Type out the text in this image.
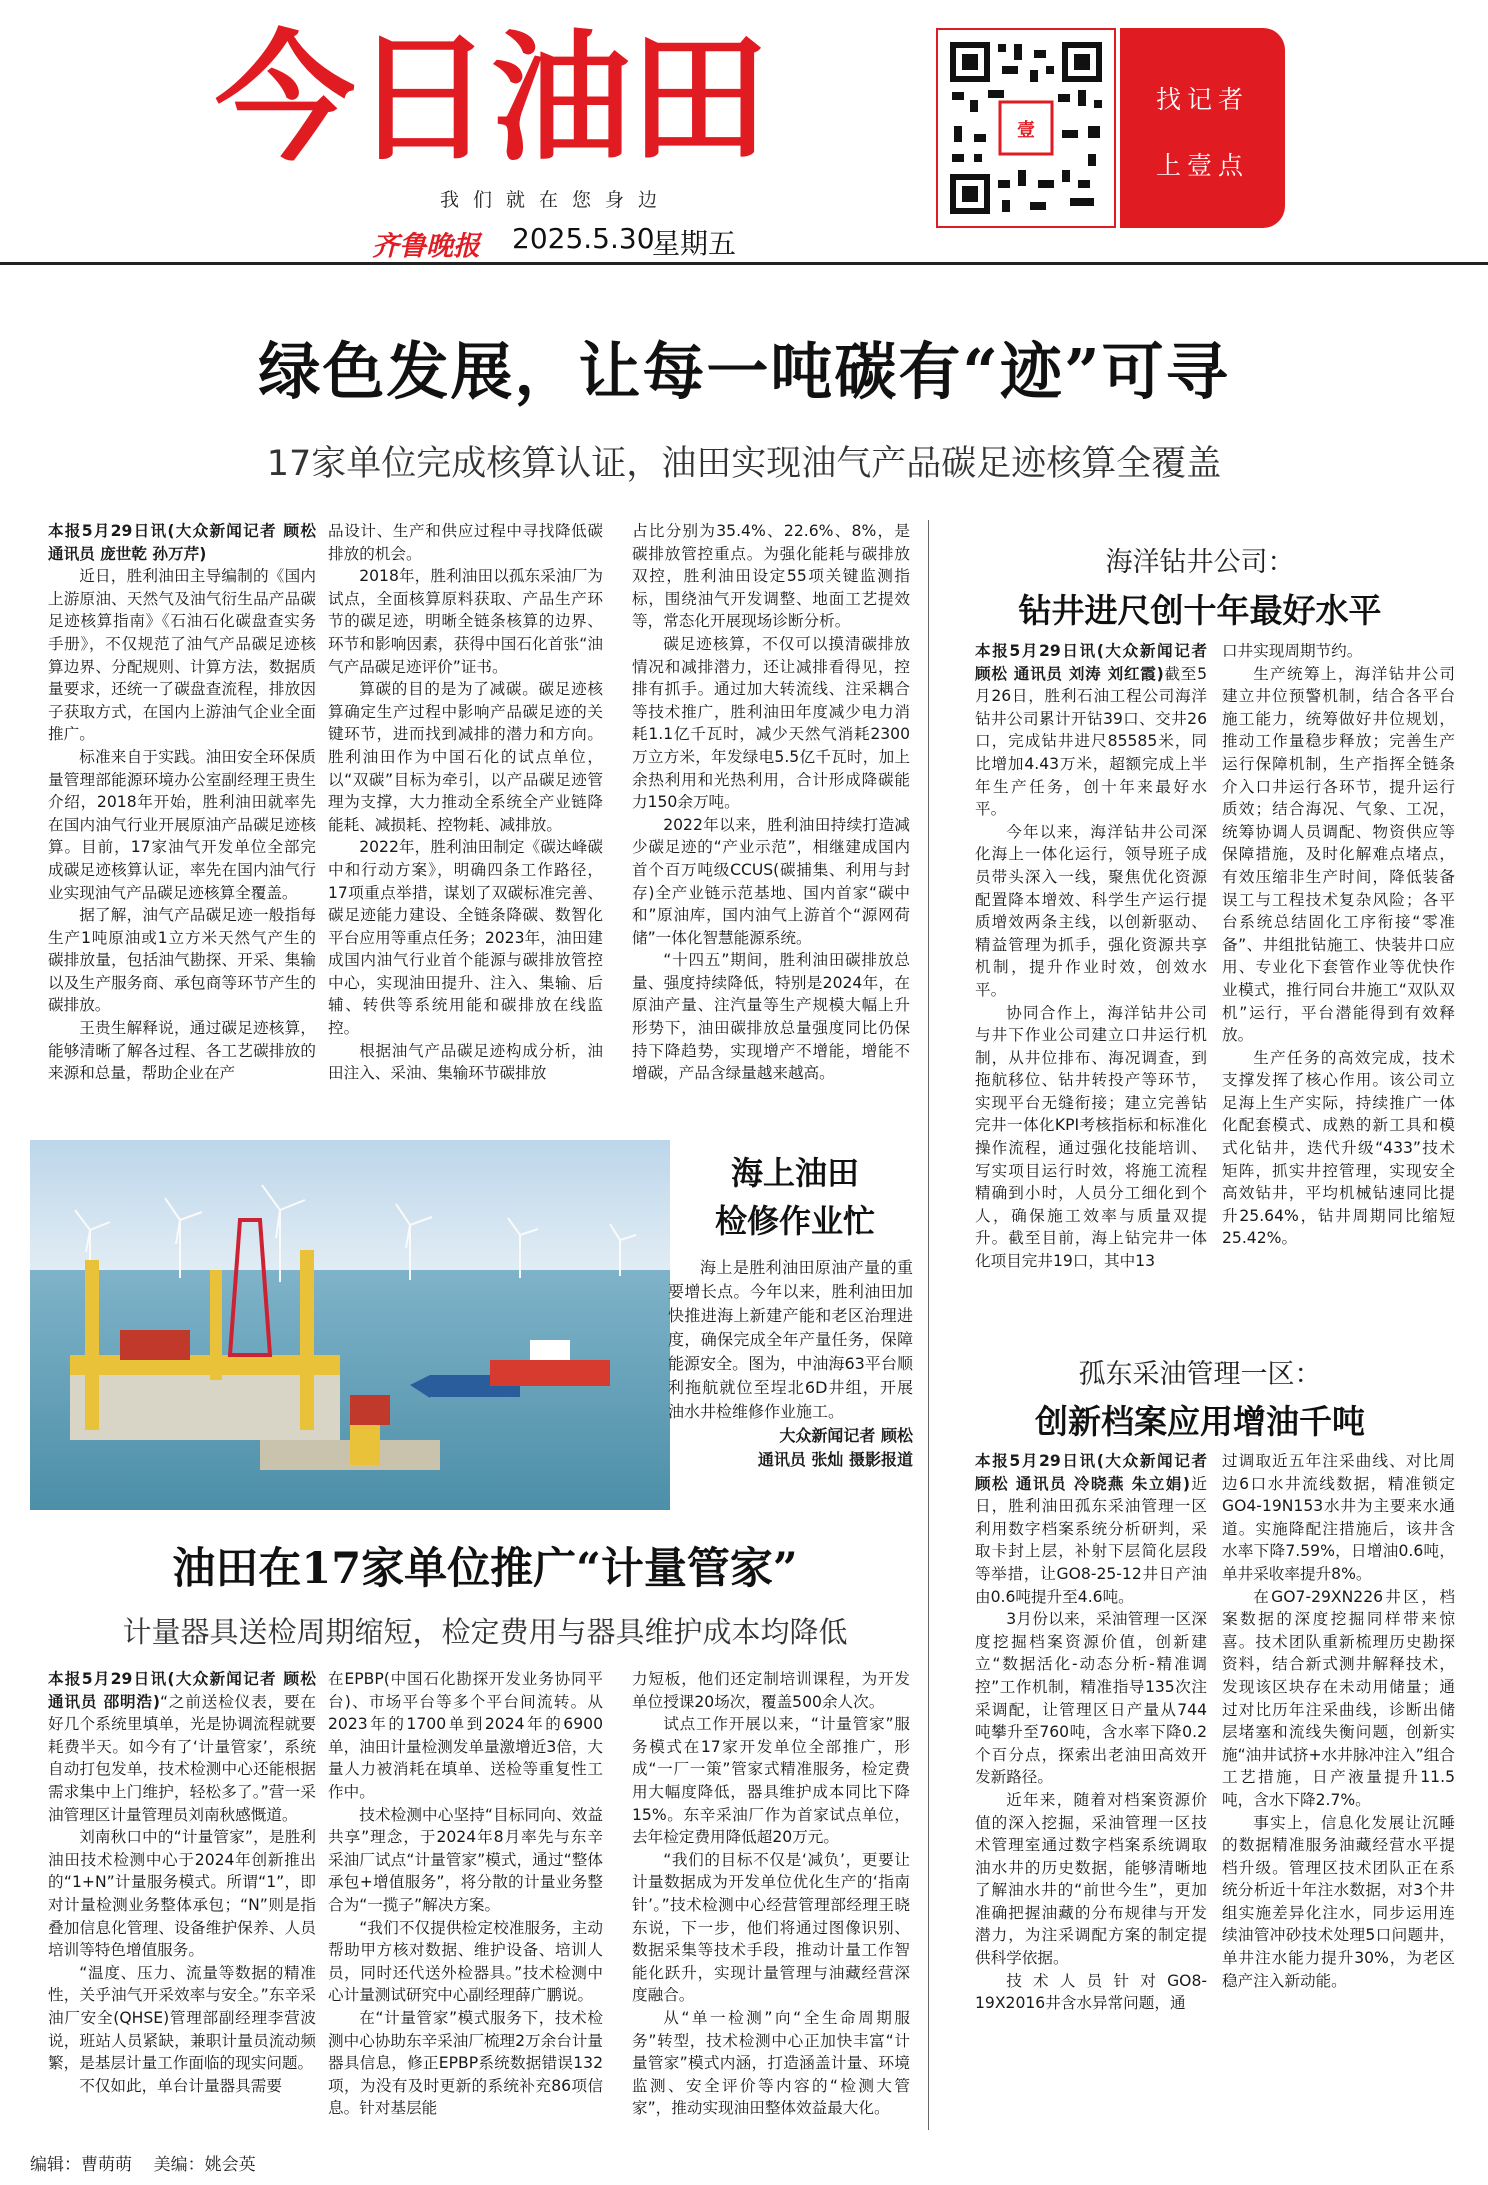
今日油田
我们就在您身边
齐鲁晚报 2025.5.30
星期五
壹
找记者
上壹点
绿色发展，让每一吨碳有“迹”可寻
17家单位完成核算认证，油田实现油气产品碳足迹核算全覆盖

本报5月29日讯(大众新闻记者 顾松 通讯员 庞世乾 孙万芹)

近日，胜利油田主导编制的《国内上游原油、天然气及油气衍生品产品碳足迹核算指南》《石油石化碳盘查实务手册》，不仅规范了油气产品碳足迹核算边界、分配规则、计算方法，数据质量要求，还统一了碳盘查流程，排放因子获取方式，在国内上游油气企业全面推广。

标准来自于实践。油田安全环保质量管理部能源环境办公室副经理王贵生介绍，2018年开始，胜利油田就率先在国内油气行业开展原油产品碳足迹核算。目前，17家油气开发单位全部完成碳足迹核算认证，率先在国内油气行业实现油气产品碳足迹核算全覆盖。

据了解，油气产品碳足迹一般指每生产1吨原油或1立方米天然气产生的碳排放量，包括油气勘探、开采、集输以及生产服务商、承包商等环节产生的碳排放。

王贵生解释说，通过碳足迹核算，能够清晰了解各过程、各工艺碳排放的来源和总量，帮助企业在产

品设计、生产和供应过程中寻找降低碳排放的机会。

2018年，胜利油田以孤东采油厂为试点，全面核算原料获取、产品生产环节的碳足迹，明晰全链条核算的边界、环节和影响因素，获得中国石化首张“油气产品碳足迹评价”证书。

算碳的目的是为了减碳。碳足迹核算确定生产过程中影响产品碳足迹的关键环节，进而找到减排的潜力和方向。胜利油田作为中国石化的试点单位，以“双碳”目标为牵引，以产品碳足迹管理为支撑，大力推动全系统全产业链降能耗、减损耗、控物耗、减排放。

2022年，胜利油田制定《碳达峰碳中和行动方案》，明确四条工作路径，17项重点举措，谋划了双碳标准完善、碳足迹能力建设、全链条降碳、数智化平台应用等重点任务；2023年，油田建成国内油气行业首个能源与碳排放管控中心，实现油田提升、注入、集输、后辅、转供等系统用能和碳排放在线监控。

根据油气产品碳足迹构成分析，油田注入、采油、集输环节碳排放

占比分别为35.4%、22.6%、8%，是碳排放管控重点。为强化能耗与碳排放双控，胜利油田设定55项关键监测指标，围绕油气开发调整、地面工艺提效等，常态化开展现场诊断分析。

碳足迹核算，不仅可以摸清碳排放情况和减排潜力，还让减排看得见，控排有抓手。通过加大转流线、注采耦合等技术推广，胜利油田年度减少电力消耗1.1亿千瓦时，减少天然气消耗2300万立方米，年发绿电5.5亿千瓦时，加上余热利用和光热利用，合计形成降碳能力150余万吨。

2022年以来，胜利油田持续打造减少碳足迹的“产业示范”，相继建成国内首个百万吨级CCUS(碳捕集、利用与封存)全产业链示范基地、国内首家“碳中和”原油库，国内油气上游首个“源网荷储”一体化智慧能源系统。

“十四五”期间，胜利油田碳排放总量、强度持续降低，特别是2024年，在原油产量、注汽量等生产规模大幅上升形势下，油田碳排放总量强度同比仍保持下降趋势，实现增产不增能，增能不增碳，产品含绿量越来越高。

海洋钻井公司：
钻井进尺创十年最好水平

本报5月29日讯(大众新闻记者 顾松 通讯员 刘涛 刘红霞)截至5月26日，胜利石油工程公司海洋钻井公司累计开钻39口、交井26口，完成钻井进尺85585米，同比增加4.43万米，超额完成上半年生产任务，创十年来最好水平。

今年以来，海洋钻井公司深化海上一体化运行，领导班子成员带头深入一线，聚焦优化资源配置降本增效、科学生产运行提质增效两条主线，以创新驱动、精益管理为抓手，强化资源共享机制，提升作业时效，创效水平。

协同合作上，海洋钻井公司与井下作业公司建立口井运行机制，从井位排布、海况调查，到拖航移位、钻井转投产等环节，实现平台无缝衔接；建立完善钻完井一体化KPI考核指标和标准化操作流程，通过强化技能培训、写实项目运行时效，将施工流程精确到小时，人员分工细化到个人，确保施工效率与质量双提升。截至目前，海上钻完井一体化项目完井19口，其中13

口井实现周期节约。

生产统筹上，海洋钻井公司建立井位预警机制，结合各平台施工能力，统筹做好井位规划，推动工作量稳步释放；完善生产运行保障机制，生产指挥全链条介入口井运行各环节，提升运行质效；结合海况、气象、工况，统筹协调人员调配、物资供应等保障措施，及时化解难点堵点，有效压缩非生产时间，降低装备误工与工程技术复杂风险；各平台系统总结固化工序衔接“零准备”、井组批钻施工、快装井口应用、专业化下套管作业等优快作业模式，推行同台井施工“双队双机”运行，平台潜能得到有效释放。

生产任务的高效完成，技术支撑发挥了核心作用。该公司立足海上生产实际，持续推广一体化配套模式、成熟的新工具和模式化钻井，迭代升级“433”技术矩阵，抓实井控管理，实现安全高效钻井，平均机械钻速同比提升25.64%，钻井周期同比缩短25.42%。

海上油田
检修作业忙

海上是胜利油田原油产量的重要增长点。今年以来，胜利油田加快推进海上新建产能和老区治理进度，确保完成全年产量任务，保障能源安全。图为，中油海63平台顺利拖航就位至埕北6D井组，开展油水井检维修作业施工。

大众新闻记者 顾松

通讯员 张灿 摄影报道

孤东采油管理一区：
创新档案应用增油千吨

本报5月29日讯(大众新闻记者 顾松 通讯员 冷晓燕 朱立娟)近日，胜利油田孤东采油管理一区利用数字档案系统分析研判，采取卡封上层，补射下层简化层段等举措，让GO8-25-12井日产油由0.6吨提升至4.6吨。

3月份以来，采油管理一区深度挖掘档案资源价值，创新建立“数据活化-动态分析-精准调控”工作机制，精准指导135次注采调配，让管理区日产量从744吨攀升至760吨，含水率下降0.2个百分点，探索出老油田高效开发新路径。

近年来，随着对档案资源价值的深入挖掘，采油管理一区技术管理室通过数字档案系统调取油水井的历史数据，能够清晰地了解油水井的“前世今生”，更加准确把握油藏的分布规律与开发潜力，为注采调配方案的制定提供科学依据。

技术人员针对GO8-19X2016井含水异常问题，通

过调取近五年注采曲线、对比周边6口水井流线数据，精准锁定GO4-19N153水井为主要来水通道。实施降配注措施后，该井含水率下降7.59%，日增油0.6吨，单井采收率提升8%。

在GO7-29XN226井区，档案数据的深度挖掘同样带来惊喜。技术团队重新梳理历史勘探资料，结合新式测井解释技术，发现该区块存在未动用储量；通过对比历年注采曲线，诊断出储层堵塞和流线失衡问题，创新实施“油井试挤+水井脉冲注入”组合工艺措施，日产液量提升11.5吨，含水下降2.7%。

事实上，信息化发展让沉睡的数据精准服务油藏经营水平提档升级。管理区技术团队正在系统分析近十年注水数据，对3个井组实施差异化注水，同步运用连续油管冲砂技术处理5口问题井，单井注水能力提升30%，为老区稳产注入新动能。

油田在17家单位推广“计量管家”
计量器具送检周期缩短，检定费用与器具维护成本均降低

本报5月29日讯(大众新闻记者 顾松 通讯员 邵明浩)“之前送检仪表，要在好几个系统里填单，光是协调流程就要耗费半天。如今有了‘计量管家’，系统自动打包发单，技术检测中心还能根据需求集中上门维护，轻松多了。”营一采油管理区计量管理员刘南秋感慨道。

刘南秋口中的“计量管家”，是胜利油田技术检测中心于2024年创新推出的“1+N”计量服务模式。所谓“1”，即对计量检测业务整体承包；“N”则是指叠加信息化管理、设备维护保养、人员培训等特色增值服务。

“温度、压力、流量等数据的精准性，关乎油气开采效率与安全。”东辛采油厂安全(QHSE)管理部副经理李营波说，班站人员紧缺，兼职计量员流动频繁，是基层计量工作面临的现实问题。

不仅如此，单台计量器具需要

在EPBP(中国石化勘探开发业务协同平台)、市场平台等多个平台间流转。从2023年的1700单到2024年的6900单，油田计量检测发单量激增近3倍，大量人力被消耗在填单、送检等重复性工作中。

技术检测中心坚持“目标同向、效益共享”理念，于2024年8月率先与东辛采油厂试点“计量管家”模式，通过“整体承包+增值服务”，将分散的计量业务整合为“一揽子”解决方案。

“我们不仅提供检定校准服务，主动帮助甲方核对数据、维护设备、培训人员，同时还代送外检器具。”技术检测中心计量测试研究中心副经理薛广鹏说。

在“计量管家”模式服务下，技术检测中心协助东辛采油厂梳理2万余台计量器具信息，修正EPBP系统数据错误132项，为没有及时更新的系统补充86项信息。针对基层能

力短板，他们还定制培训课程，为开发单位授课20场次，覆盖500余人次。

试点工作开展以来，“计量管家”服务模式在17家开发单位全部推广，形成“一厂一策”管家式精准服务，检定费用大幅度降低，器具维护成本同比下降15%。东辛采油厂作为首家试点单位，去年检定费用降低超20万元。

“我们的目标不仅是‘减负’，更要让计量数据成为开发单位优化生产的‘指南针’。”技术检测中心经营管理部经理王晓东说，下一步，他们将通过图像识别、数据采集等技术手段，推动计量工作智能化跃升，实现计量管理与油藏经营深度融合。

从“单一检测”向“全生命周期服务”转型，技术检测中心正加快丰富“计量管家”模式内涵，打造涵盖计量、环境监测、安全评价等内容的“检测大管家”，推动实现油田整体效益最大化。

编辑：曹萌萌 美编：姚会英
